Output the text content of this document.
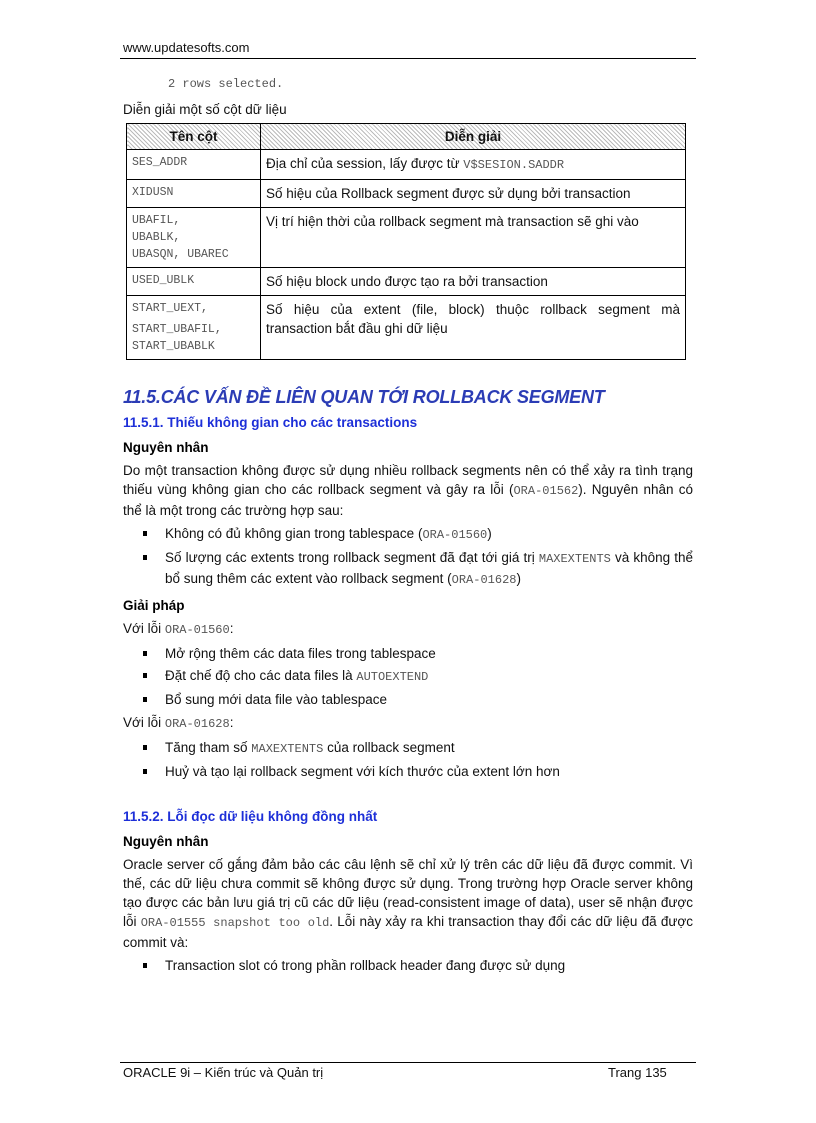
www.updatesofts.com
2 rows selected.
Diễn giải một số cột dữ liệu
Tên cột	Diễn giải

SES_ADDR	Địa chỉ của session, lấy được từ V$SESION.SADDR

XIDUSN	Số hiệu của Rollback segment được sử dụng bởi transaction

UBAFIL,
UBABLK,
UBASQN, UBAREC	Vị trí hiện thời của rollback segment mà transaction sẽ ghi vào

USED_UBLK	Số hiệu block undo được tạo ra bởi transaction

START_UEXT,
START_UBAFIL,
START_UBABLK	Số hiệu của extent (file, block) thuộc rollback segment mà transaction bắt đầu ghi dữ liệu
11.5.CÁC VẤN ĐỀ LIÊN QUAN TỚI ROLLBACK SEGMENT
11.5.1. Thiếu không gian cho các transactions
Nguyên nhân

Do một transaction không được sử dụng nhiều rollback segments nên có thể xảy ra tình trạng thiếu vùng không gian cho các rollback segment và gây ra lỗi (ORA-01562). Nguyên nhân có thể là một trong các trường hợp sau:

Không có đủ không gian trong tablespace (ORA-01560)
Số lượng các extents trong rollback segment đã đạt tới giá trị MAXEXTENTS và không thể bổ sung thêm các extent vào rollback segment (ORA-01628)
Giải pháp

Với lỗi ORA-01560:

Mở rộng thêm các data files trong tablespace
Đặt chế độ cho các data files là AUTOEXTEND
Bổ sung mới data file vào tablespace

Với lỗi ORA-01628:

Tăng tham số MAXEXTENTS của rollback segment
Huỷ và tạo lại rollback segment với kích thước của extent lớn hơn
11.5.2. Lỗi đọc dữ liệu không đồng nhất
Nguyên nhân

Oracle server cố gắng đảm bảo các câu lệnh sẽ chỉ xử lý trên các dữ liệu đã được commit. Vì thế, các dữ liệu chưa commit sẽ không được sử dụng. Trong trường hợp Oracle server không tạo được các bản lưu giá trị cũ các dữ liệu (read-consistent image of data), user sẽ nhận được lỗi ORA-01555 snapshot too old. Lỗi này xảy ra khi transaction thay đổi các dữ liệu đã được commit và:

Transaction slot có trong phần rollback header đang được sử dụng
ORACLE 9i – Kiến trúc và Quản trị	Trang 135
